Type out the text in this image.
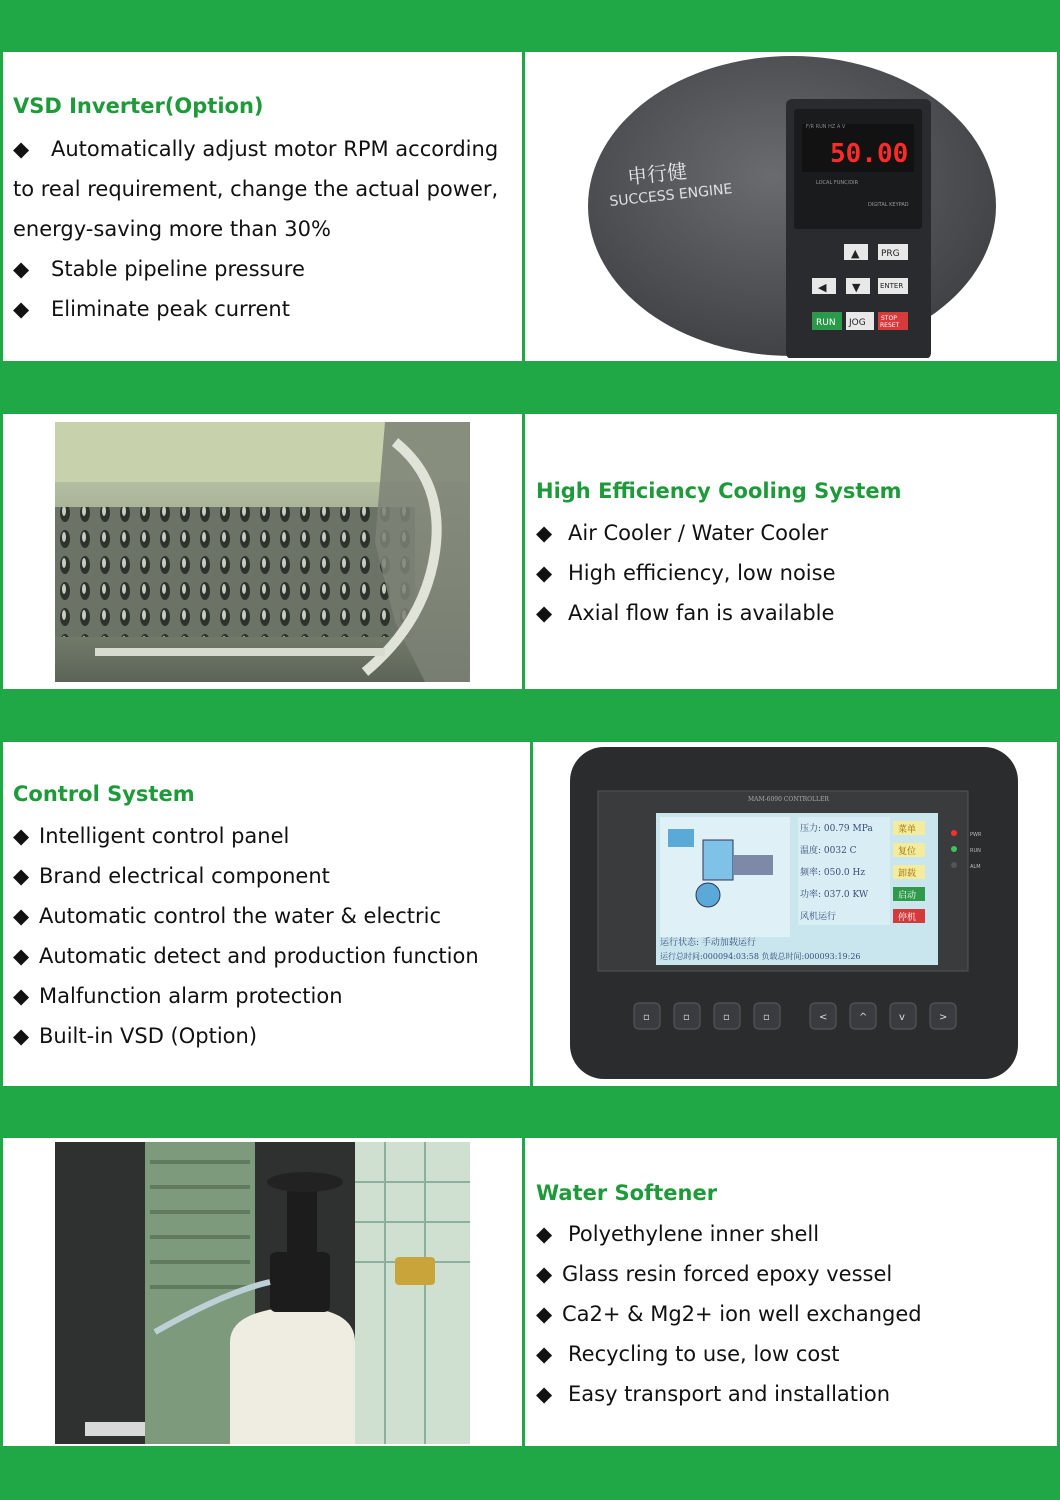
VSD Inverter(Option)
◆ Automatically adjust motor RPM according
to real requirement, change the actual power,
energy-saving more than 30%
◆ Stable pipeline pressure
◆ Eliminate peak current
申行健
SUCCESS ENGINE
F/R RUN HZ A V
50.00
LOCAL FUNC/DIR
DIGITAL KEYPAD
▲ PRG
◀ ▼	ENTER
RUN JOG	STOP
RESET
High Efficiency Cooling System
◆ Air Cooler / Water Cooler
◆ High efficiency, low noise
◆ Axial flow fan is available
Control System
◆ Intelligent control panel
◆ Brand electrical component
◆ Automatic control the water & electric
◆ Automatic detect and production function
◆ Malfunction alarm protection
◆ Built-in VSD (Option)
MAM-6090 CONTROLLER
压力: 00.79 MPa
温度: 0032 C
频率: 050.0 Hz
功率: 037.0 KW
风机运行
菜单
复位
卸载
启动
停机
运行状态: 手动加载运行
运行总时间:000094:03:58 负载总时间:000093:19:26
PWR
RUN
ALM
▫	▫	▫	▫	<	^	v	>
Water Softener
◆ Polyethylene inner shell
◆ Glass resin forced epoxy vessel
◆ Ca2+ & Mg2+ ion well exchanged
◆ Recycling to use, low cost
◆ Easy transport and installation
